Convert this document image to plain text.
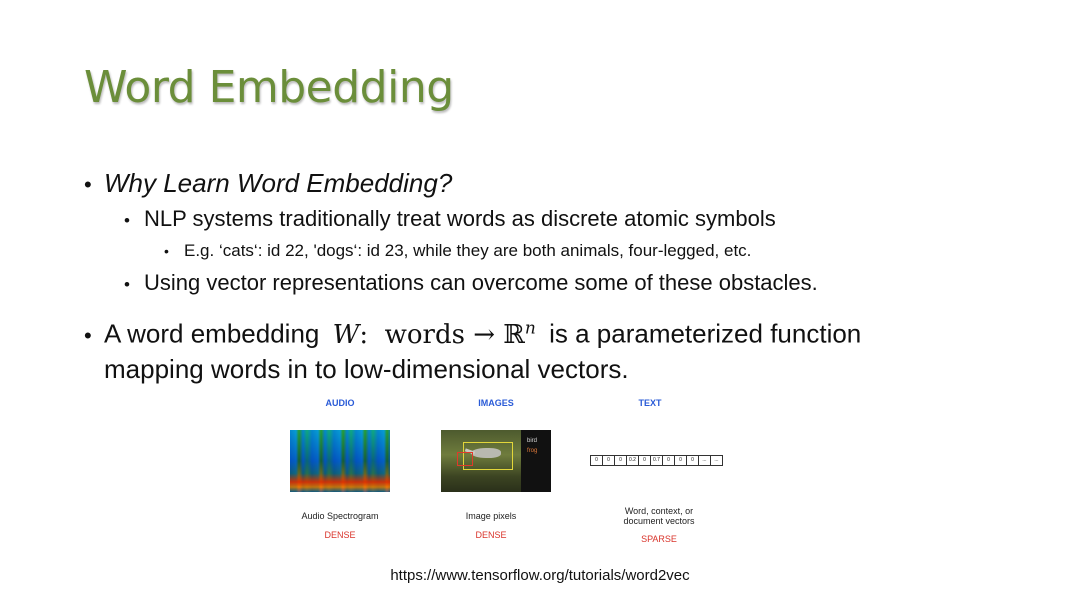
Word Embedding
• Why Learn Word Embedding?
• NLP systems traditionally treat words as discrete atomic symbols
• E.g. ‘cats‘: id 22, 'dogs‘: id 23, while they are both animals, four-legged, etc.
• Using vector representations can overcome some of these obstacles.
• A word embedding W: words → ℝ$^n$ is a parameterized function
mapping words in to low-dimensional vectors.
AUDIO
Audio Spectrogram
DENSE
IMAGES
bird
frog
Image pixels
DENSE
TEXT
0	0	0	0.2	0	0.7	0	0	0	...	...
Word, context, or
document vectors
SPARSE
https://www.tensorflow.org/tutorials/word2vec
